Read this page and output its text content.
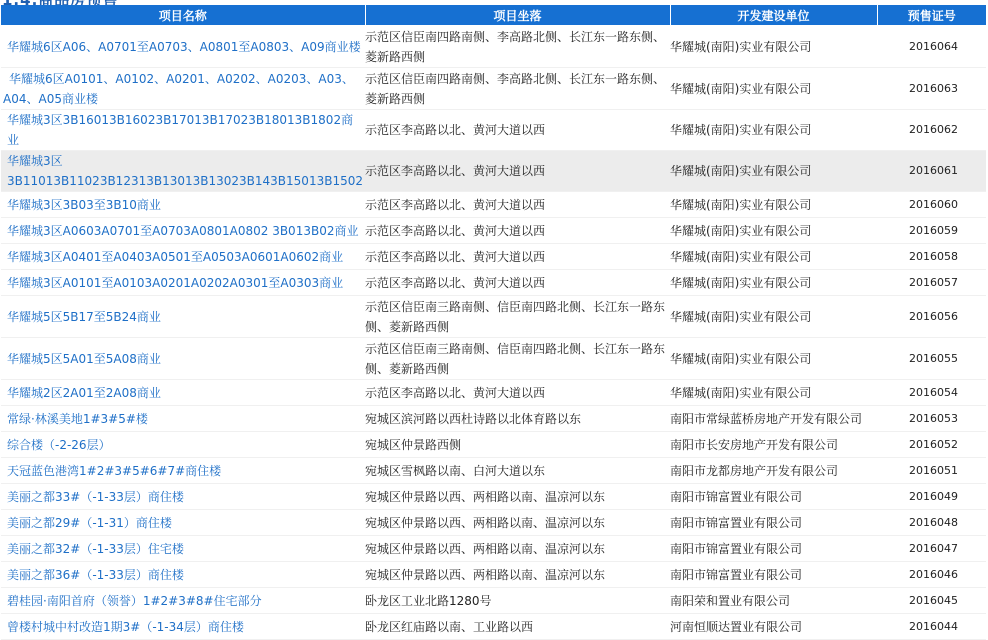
项目名称	项目坐落	开发建设单位	预售证号

华耀城6区A06、A0701至A0703、A0801至A0803、A09商业楼	示范区信臣南四路南侧、李高路北侧、长江东一路东侧、菱新路西侧	华耀城(南阳)实业有限公司	2016064

华耀城6区A0101、A0102、A0201、A0202、A0203、A03、A04、A05商业楼	示范区信臣南四路南侧、李高路北侧、长江东一路东侧、菱新路西侧	华耀城(南阳)实业有限公司	2016063

华耀城3区3B16013B16023B17013B17023B18013B1802商业	示范区李高路以北、黄河大道以西	华耀城(南阳)实业有限公司	2016062

华耀城3区3B11013B11023B12313B13013B13023B143B15013B1502	示范区李高路以北、黄河大道以西	华耀城(南阳)实业有限公司	2016061

华耀城3区3B03至3B10商业	示范区李高路以北、黄河大道以西	华耀城(南阳)实业有限公司	2016060

华耀城3区A0603A0701至A0703A0801A0802 3B013B02商业	示范区李高路以北、黄河大道以西	华耀城(南阳)实业有限公司	2016059

华耀城3区A0401至A0403A0501至A0503A0601A0602商业	示范区李高路以北、黄河大道以西	华耀城(南阳)实业有限公司	2016058

华耀城3区A0101至A0103A0201A0202A0301至A0303商业	示范区李高路以北、黄河大道以西	华耀城(南阳)实业有限公司	2016057

华耀城5区5B17至5B24商业	示范区信臣南三路南侧、信臣南四路北侧、长江东一路东侧、菱新路西侧	华耀城(南阳)实业有限公司	2016056

华耀城5区5A01至5A08商业	示范区信臣南三路南侧、信臣南四路北侧、长江东一路东侧、菱新路西侧	华耀城(南阳)实业有限公司	2016055

华耀城2区2A01至2A08商业	示范区李高路以北、黄河大道以西	华耀城(南阳)实业有限公司	2016054

常绿·林溪美地1#3#5#楼	宛城区滨河路以西杜诗路以北体育路以东	南阳市常绿蓝桥房地产开发有限公司	2016053

综合楼（-2-26层）	宛城区仲景路西侧	南阳市长安房地产开发有限公司	2016052

天冠蓝色港湾1#2#3#5#6#7#商住楼	宛城区雪枫路以南、白河大道以东	南阳市龙都房地产开发有限公司	2016051

美丽之都33#（-1-33层）商住楼	宛城区仲景路以西、两相路以南、温凉河以东	南阳市锦富置业有限公司	2016049

美丽之都29#（-1-31）商住楼	宛城区仲景路以西、两相路以南、温凉河以东	南阳市锦富置业有限公司	2016048

美丽之都32#（-1-33层）住宅楼	宛城区仲景路以西、两相路以南、温凉河以东	南阳市锦富置业有限公司	2016047

美丽之都36#（-1-33层）商住楼	宛城区仲景路以西、两相路以南、温凉河以东	南阳市锦富置业有限公司	2016046

碧桂园·南阳首府（领誉）1#2#3#8#住宅部分	卧龙区工业北路1280号	南阳荣和置业有限公司	2016045

曾楼村城中村改造1期3#（-1-34层）商住楼	卧龙区红庙路以南、工业路以西	河南恒顺达置业有限公司	2016044
